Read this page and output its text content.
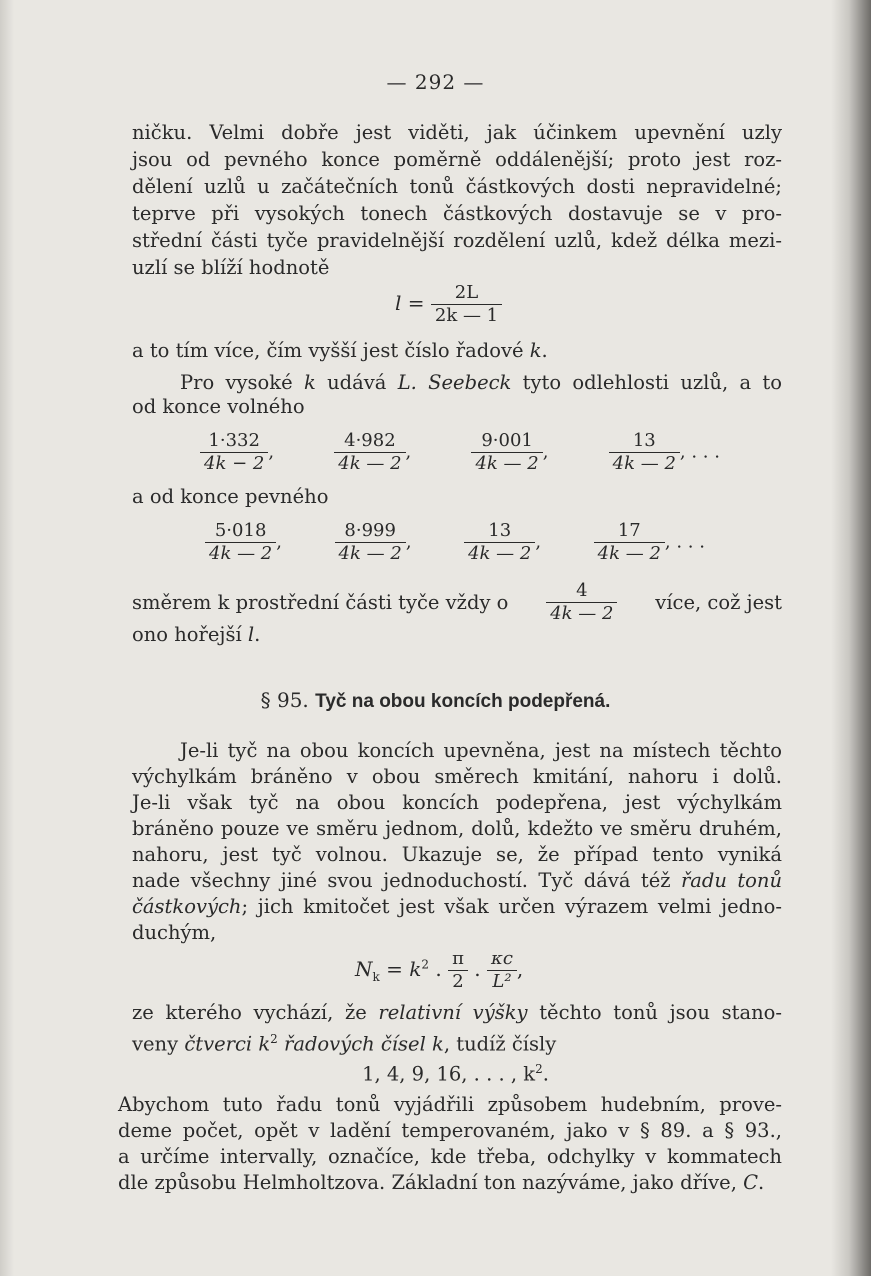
— 292 —
ničku. Velmi dobře jest viděti, jak účinkem upevnění uzly
jsou od pevného konce poměrně oddálenější; proto jest roz-
dělení uzlů u začátečních tonů částkových dosti nepravidelné;
teprve při vysokých tonech částkových dostavuje se v pro-
střední části tyče pravidelnější rozdělení uzlů, kdež délka mezi-
uzlí se blíží hodnotě
$l = \frac{2L}{2k — 1}$
a to tím více, čím vyšší jest číslo řadové k.
Pro vysoké k udává L. Seebeck tyto odlehlosti uzlů, a to
od konce volného
$\frac{1\cdot 332}{4k - 2}$ ,	$\frac{4\cdot 982}{4k — 2}$ ,	$\frac{9\cdot 001}{4k — 2}$ ,	$\frac{13}{4k — 2}$ , . . .
a od konce pevného
$\frac{5\cdot 018}{4k — 2}$ ,	$\frac{8\cdot 999}{4k — 2}$ ,	$\frac{13}{4k — 2}$ ,	$\frac{17}{4k — 2}$ , . . .
směrem k prostřední části tyče vždy o $\frac{4}{4k — 2}$ více, což jest
ono hořejší l.
§ 95. Tyč na obou koncích podepřená.
Je-li tyč na obou koncích upevněna, jest na místech těchto
výchylkám bráněno v obou směrech kmitání, nahoru i dolů.
Je-li však tyč na obou koncích podepřena, jest výchylkám
bráněno pouze ve směru jednom, dolů, kdežto ve směru druhém,
nahoru, jest tyč volnou. Ukazuje se, že případ tento vyniká
nade všechny jiné svou jednoduchostí. Tyč dává též řadu tonů
částkových; jich kmitočet jest však určen výrazem velmi jedno-
duchým,
$N_k = k^2$ . $\frac{\pi}{2}$ . $\frac{\kappa c}{\text{L²}}$ ,
ze kterého vychází, že relativní výšky těchto tonů jsou stano-
veny čtverci $k^2$ řadových čísel k, tudíž čísly
1, 4, 9, 16, . . . , $k^2$.
Abychom tuto řadu tonů vyjádřili způsobem hudebním, prove-
deme počet, opět v ladění temperovaném, jako v § 89. a § 93.,
a určíme intervally, označíce, kde třeba, odchylky v kommatech
dle způsobu Helmholtzova. Základní ton nazýváme, jako dříve, C.
